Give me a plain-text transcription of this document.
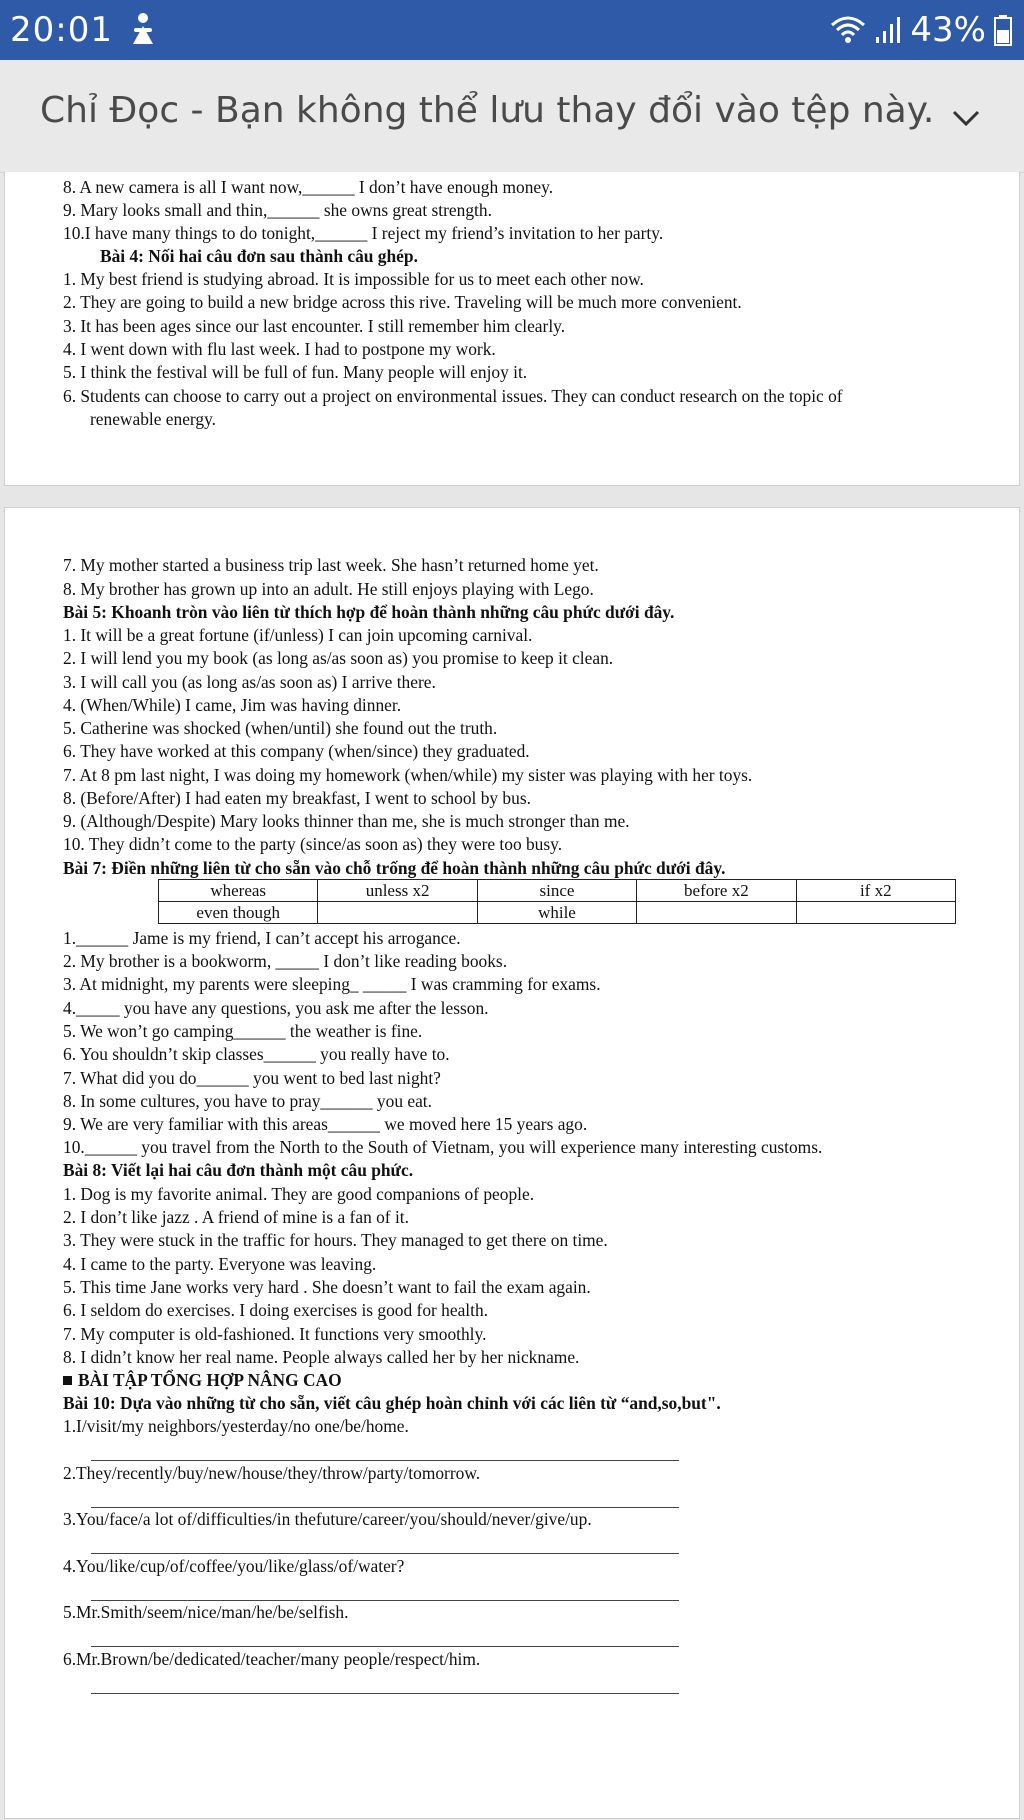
20:01	43%
Chỉ Đọc - Bạn không thể lưu thay đổi vào tệp này.
8. A new camera is all I want now,______ I don’t have enough money.
9. Mary looks small and thin,______ she owns great strength.
10.I have many things to do tonight,______ I reject my friend’s invitation to her party.
Bài 4: Nối hai câu đơn sau thành câu ghép.
1. My best friend is studying abroad. It is impossible for us to meet each other now.
2. They are going to build a new bridge across this rive. Traveling will be much more convenient.
3. It has been ages since our last encounter. I still remember him clearly.
4. I went down with flu last week. I had to postpone my work.
5. I think the festival will be full of fun. Many people will enjoy it.
6. Students can choose to carry out a project on environmental issues. They can conduct research on the topic of
renewable energy.
7. My mother started a business trip last week. She hasn’t returned home yet.
8. My brother has grown up into an adult. He still enjoys playing with Lego.
Bài 5: Khoanh tròn vào liên từ thích hợp để hoàn thành những câu phức dưới đây.
1. It will be a great fortune (if/unless) I can join upcoming carnival.
2. I will lend you my book (as long as/as soon as) you promise to keep it clean.
3. I will call you (as long as/as soon as) I arrive there.
4. (When/While) I came, Jim was having dinner.
5. Catherine was shocked (when/until) she found out the truth.
6. They have worked at this company (when/since) they graduated.
7. At 8 pm last night, I was doing my homework (when/while) my sister was playing with her toys.
8. (Before/After) I had eaten my breakfast, I went to school by bus.
9. (Although/Despite) Mary looks thinner than me, she is much stronger than me.
10. They didn’t come to the party (since/as soon as) they were too busy.
Bài 7: Điền những liên từ cho sẵn vào chỗ trống để hoàn thành những câu phức dưới đây.
whereas	unless x2	since	before x2	if x2
even though		while		
1.______ Jame is my friend, I can’t accept his arrogance.
2. My brother is a bookworm, _____ I don’t like reading books.
3. At midnight, my parents were sleeping_ _____ I was cramming for exams.
4._____ you have any questions, you ask me after the lesson.
5. We won’t go camping______ the weather is fine.
6. You shouldn’t skip classes______ you really have to.
7. What did you do______ you went to bed last night?
8. In some cultures, you have to pray______ you eat.
9. We are very familiar with this areas______ we moved here 15 years ago.
10.______ you travel from the North to the South of Vietnam, you will experience many interesting customs.
Bài 8: Viết lại hai câu đơn thành một câu phức.
1. Dog is my favorite animal. They are good companions of people.
2. I don’t like jazz . A friend of mine is a fan of it.
3. They were stuck in the traffic for hours. They managed to get there on time.
4. I came to the party. Everyone was leaving.
5. This time Jane works very hard . She doesn’t want to fail the exam again.
6. I seldom do exercises. I doing exercises is good for health.
7. My computer is old-fashioned. It functions very smoothly.
8. I didn’t know her real name. People always called her by her nickname.
BÀI TẬP TỔNG HỢP NÂNG CAO
Bài 10: Dựa vào những từ cho sẵn, viết câu ghép hoàn chỉnh với các liên từ “and,so,but".
1.I/visit/my neighbors/yesterday/no one/be/home.
2.They/recently/buy/new/house/they/throw/party/tomorrow.
3.You/face/a lot of/difficulties/in thefuture/career/you/should/never/give/up.
4.You/like/cup/of/coffee/you/like/glass/of/water?
5.Mr.Smith/seem/nice/man/he/be/selfish.
6.Mr.Brown/be/dedicated/teacher/many people/respect/him.
